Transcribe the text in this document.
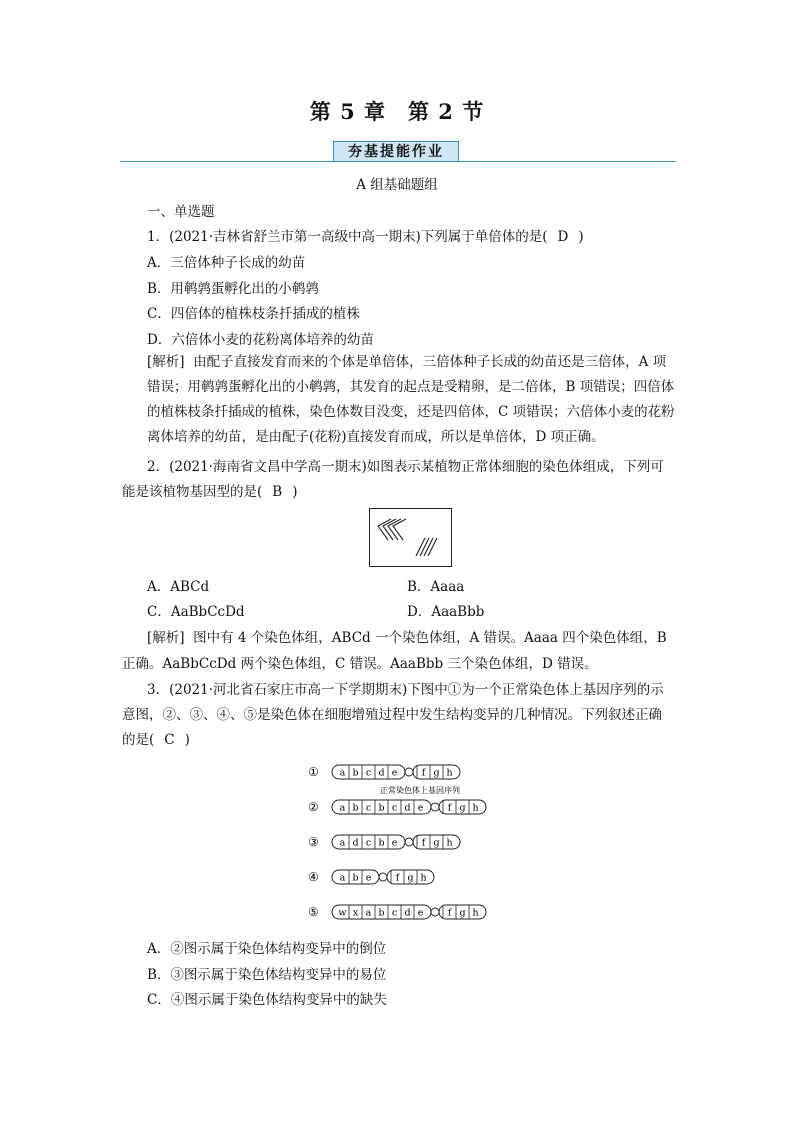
第 5 章　第 2 节
夯基提能作业
A 组基础题组
一、单选题
1．(2021·吉林省舒兰市第一高级中高一期末)下列属于单倍体的是( D )
A．三倍体种子长成的幼苗
B．用鹌鹑蛋孵化出的小鹌鹑
C．四倍体的植株枝条扦插成的植株
D．六倍体小麦的花粉离体培养的幼苗
[解析] 由配子直接发育而来的个体是单倍体，三倍体种子长成的幼苗还是三倍体，A 项错误；用鹌鹑蛋孵化出的小鹌鹑，其发育的起点是受精卵，是二倍体，B 项错误；四倍体的植株枝条扦插成的植株，染色体数目没变，还是四倍体，C 项错误；六倍体小麦的花粉离体培养的幼苗，是由配子(花粉)直接发育而成，所以是单倍体，D 项正确。
2．(2021·海南省文昌中学高一期末)如图表示某植物正常体细胞的染色体组成，下列可
能是该植物基因型的是( B )
A．ABCd	B．Aaaa
C．AaBbCcDd	D．AaaBbb
[解析] 图中有 4 个染色体组，ABCd 一个染色体组，A 错误。Aaaa 四个染色体组，B
正确。AaBbCcDd 两个染色体组，C 错误。AaaBbb 三个染色体组，D 错误。
3．(2021·河北省石家庄市高一下学期期末)下图中①为一个正常染色体上基因序列的示
意图，②、③、④、⑤是染色体在细胞增殖过程中发生结构变异的几种情况。下列叙述正确
的是( C )
① a b c d e	f g h
正常染色体上基因序列
② a b c b c d e	f g h
③ a d c b e	f g h
④ a b e	f g h
⑤ w x a b c d e	f g h
A．②图示属于染色体结构变异中的倒位
B．③图示属于染色体结构变异中的易位
C．④图示属于染色体结构变异中的缺失
